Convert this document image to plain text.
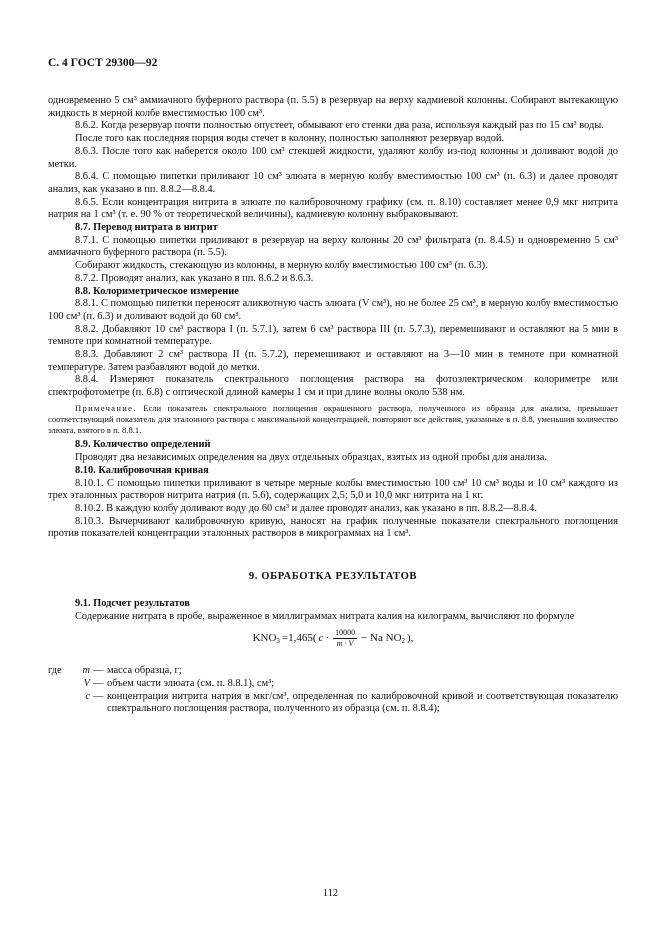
С. 4 ГОСТ 29300—92

одновременно 5 см³ аммиачного буферного раствора (п. 5.5) в резервуар на верху кадмиевой колонны. Собирают вытекающую жидкость в мерной колбе вместимостью 100 см³.

8.6.2. Когда резервуар почти полностью опустеет, обмывают его стенки два раза, используя каждый раз по 15 см³ воды.

После того как последняя порция воды стечет в колонну, полностью заполняют резервуар водой.

8.6.3. После того как наберется около 100 см³ стекшей жидкости, удаляют колбу из-под колонны и доливают водой до метки.

8.6.4. С помощью пипетки приливают 10 см³ элюата в мерную колбу вместимостью 100 см³ (п. 6.3) и далее проводят анализ, как указано в пп. 8.8.2—8.8.4.

8.6.5. Если концентрация нитрита в элюате по калибровочному графику (см. п. 8.10) составляет менее 0,9 мкг нитрита натрия на 1 см³ (т. е. 90 % от теоретической величины), кадмиевую колонну выбраковывают.

8.7. Перевод нитрата в нитрит

8.7.1. С помощью пипетки приливают в резервуар на верху колонны 20 см³ фильтрата (п. 8.4.5) и одновременно 5 см³ аммиачного буферного раствора (п. 5.5).

Собирают жидкость, стекающую из колонны, в мерную колбу вместимостью 100 см³ (п. 6.3).

8.7.2. Проводят анализ, как указано в пп. 8.6.2 и 8.6.3.

8.8. Колориметрическое измерение

8.8.1. С помощью пипетки переносят аликвотную часть элюата (V см³), но не более 25 см³, в мерную колбу вместимостью 100 см³ (п. 6.3) и доливают водой до 60 см³.

8.8.2. Добавляют 10 см³ раствора I (п. 5.7.1), затем 6 см³ раствора III (п. 5.7.3), перемешивают и оставляют на 5 мин в темноте при комнатной температуре.

8.8.3. Добавляют 2 см³ раствора II (п. 5.7.2), перемешивают и оставляют на 3—10 мин в темноте при комнатной температуре. Затем разбавляют водой до метки.

8.8.4. Измеряют показатель спектрального поглощения раствора на фотоэлектрическом колориметре или спектрофотометре (п. 6.8) с оптической длиной камеры 1 см и при длине волны около 538 нм.

Примечание. Если показатель спектрального поглощения окрашенного раствора, полученного из образца для анализа, превышает соответствующий показатель для эталонного раствора с максимальной концентрацией, повторяют все действия, указанные в п. 8.8, уменьшив количество элюата, взятого в п. 8.8.1.

8.9. Количество определений

Проводят два независимых определения на двух отдельных образцах, взятых из одной пробы для анализа.

8.10. Калибровочная кривая

8.10.1. С помощью пипетки приливают в четыре мерные колбы вместимостью 100 см³ 10 см³ воды и 10 см³ каждого из трех эталонных растворов нитрита натрия (п. 5.6), содержащих 2,5; 5,0 и 10,0 мкг нитрита на 1 кг.

8.10.2. В каждую колбу доливают воду до 60 см³ и далее проводят анализ, как указано в пп. 8.8.2—8.8.4.

8.10.3. Вычерчивают калибровочную кривую, наносят на график полученные показатели спектрального поглощения против показателей концентрации эталонных растворов в микрограммах на 1 см³.

9. ОБРАБОТКА РЕЗУЛЬТАТОВ

9.1. Подсчет результатов

Содержание нитрата в пробе, выраженное в миллиграммах нитрата калия на килограмм, вычисляют по формуле

$KNO_3 =1,465$( $c \cdot \frac{10000}{m \cdot V} - Na$ $NO_2$ ),
где	m — масса образца, г;
V — объем части элюата (см. п. 8.8.1), см³;
c — концентрация нитрита натрия в мкг/см³, определенная по калибровочной кривой и соответствующая показателю спектрального поглощения раствора, полученного из образца (см. п. 8.8.4);
112
